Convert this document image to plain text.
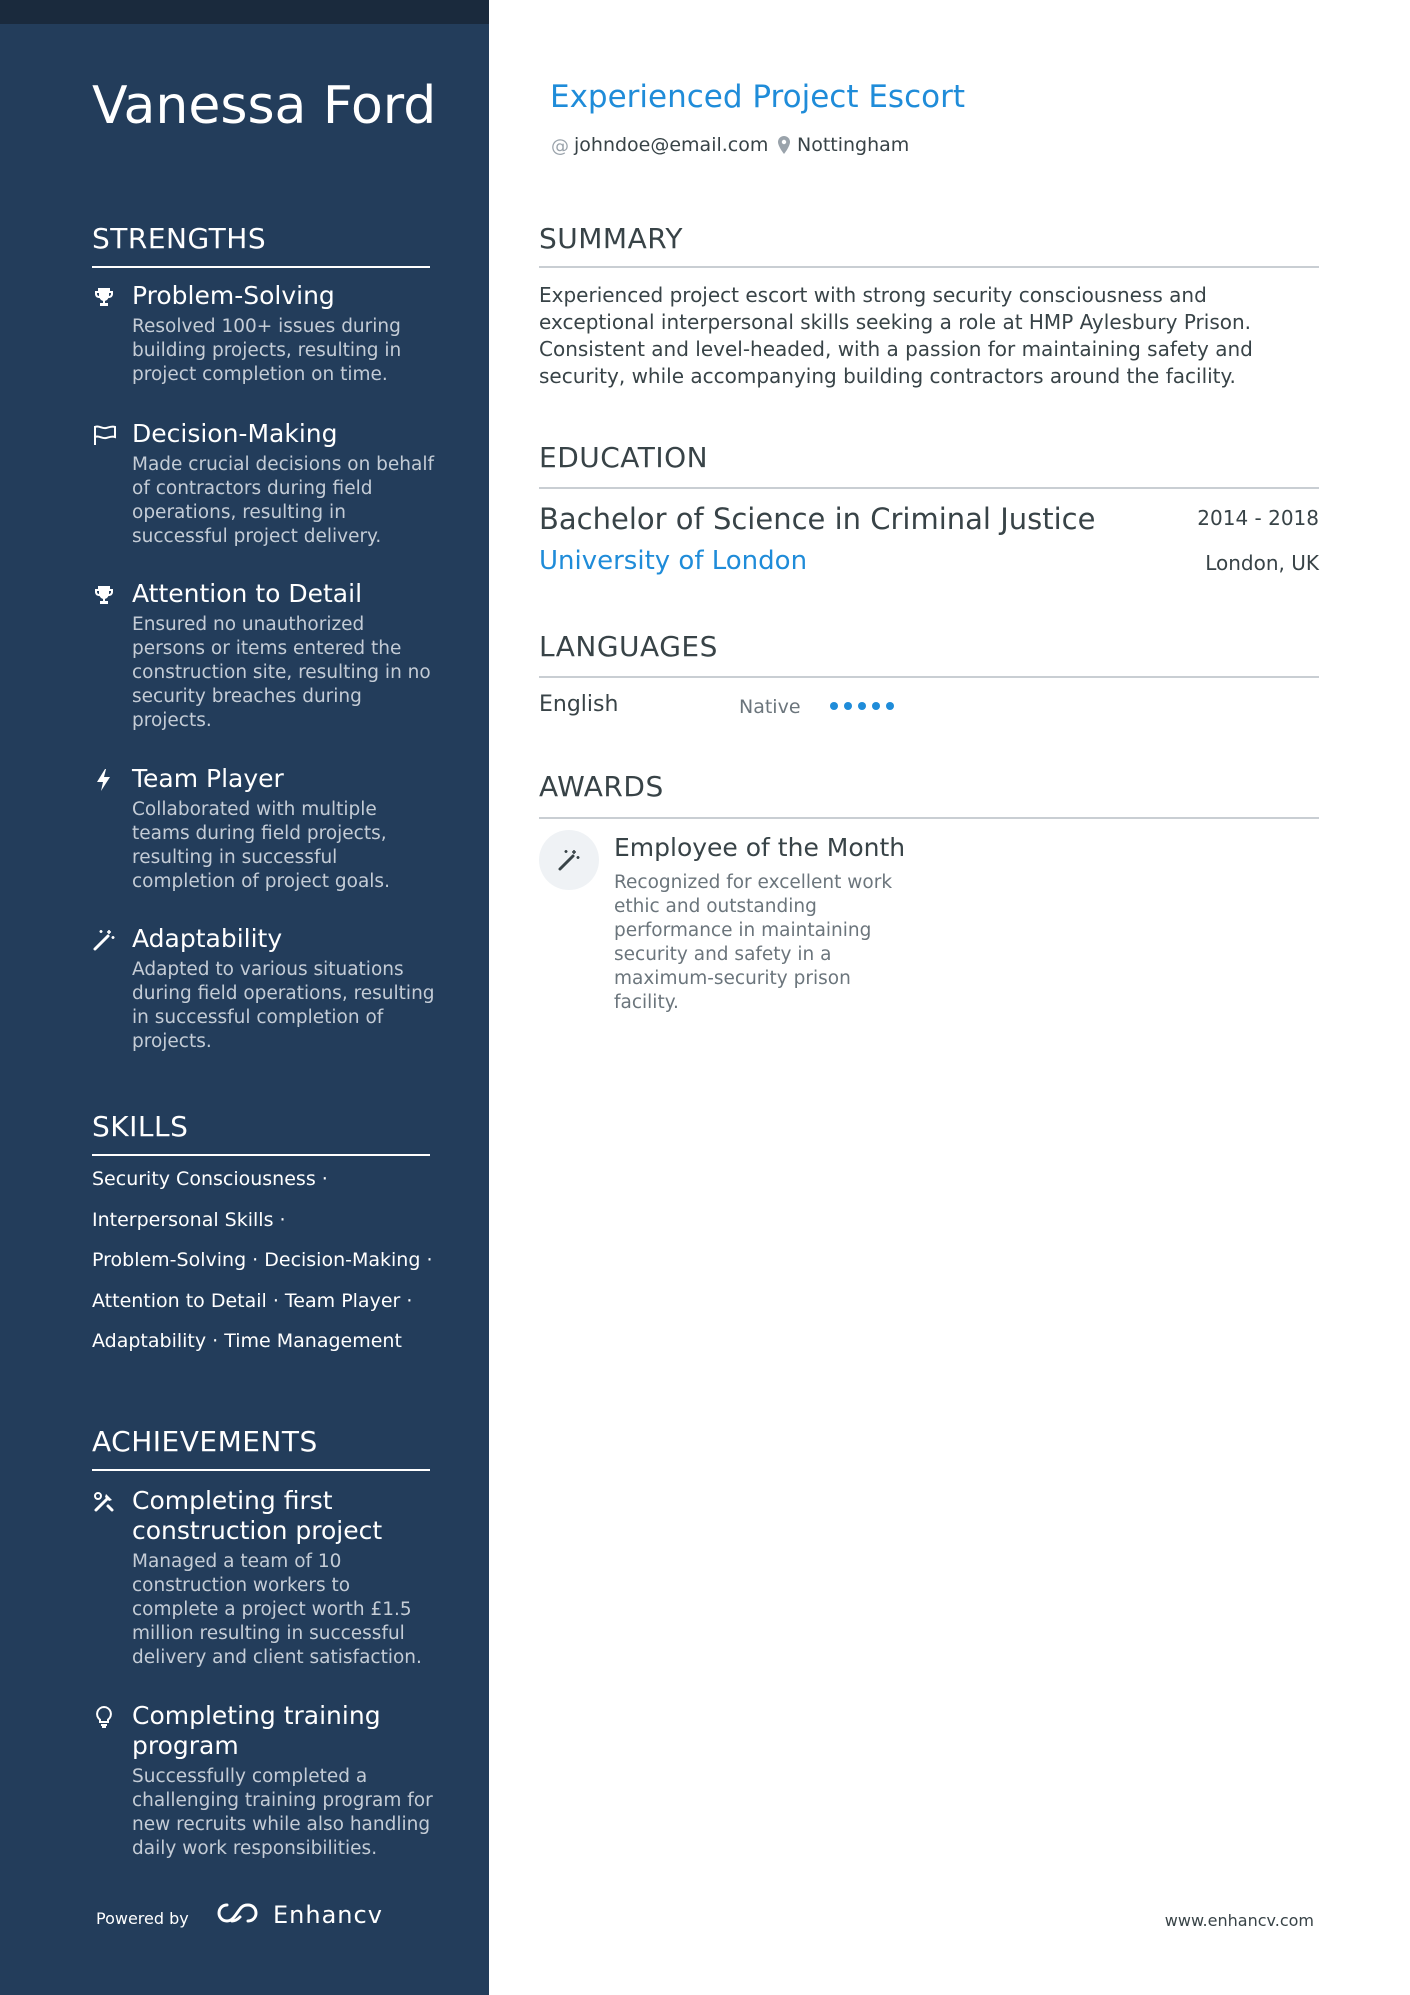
Vanessa Ford
STRENGTHS
Problem-Solving
Resolved 100+ issues during building projects, resulting in project completion on time.
Decision-Making
Made crucial decisions on behalf of contractors during field operations, resulting in successful project delivery.
Attention to Detail
Ensured no unauthorized persons or items entered the construction site, resulting in no security breaches during projects.
Team Player
Collaborated with multiple teams during field projects, resulting in successful completion of project goals.
Adaptability
Adapted to various situations during field operations, resulting in successful completion of projects.
SKILLS
Security Consciousness ·
Interpersonal Skills ·
Problem-Solving · Decision-Making ·
Attention to Detail · Team Player ·
Adaptability · Time Management
ACHIEVEMENTS
Completing first construction project
Managed a team of 10 construction workers to complete a project worth £1.5 million resulting in successful delivery and client satisfaction.
Completing training program
Successfully completed a challenging training program for new recruits while also handling daily work responsibilities.
Powered by	Enhancv
Experienced Project Escort
@ johndoe@email.com Nottingham
SUMMARY
Experienced project escort with strong security consciousness and exceptional interpersonal skills seeking a role at HMP Aylesbury Prison. Consistent and level-headed, with a passion for maintaining safety and security, while accompanying building contractors around the facility.
EDUCATION
Bachelor of Science in Criminal Justice	2014 - 2018
University of London	London, UK
LANGUAGES
English	Native
AWARDS
Employee of the Month
Recognized for excellent work ethic and outstanding performance in maintaining security and safety in a maximum-security prison facility.
www.enhancv.com
